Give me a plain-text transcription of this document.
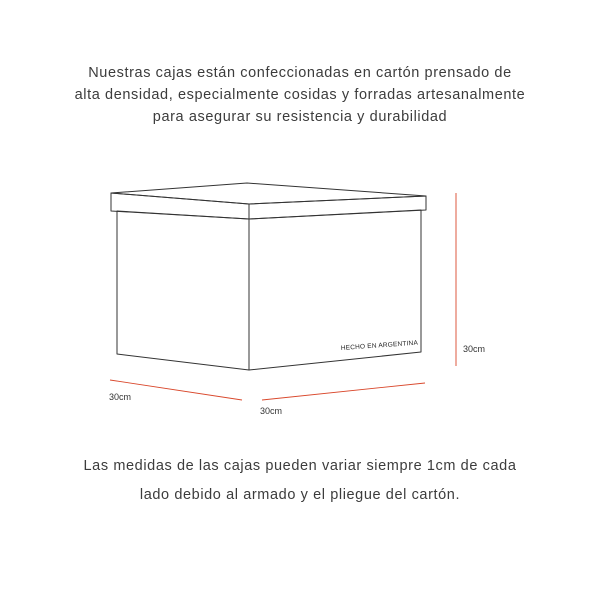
Nuestras cajas están confeccionadas en cartón prensado de
alta densidad, especialmente cosidas y forradas artesanalmente
para asegurar su resistencia y durabilidad
HECHO EN ARGENTINA	30cm
30cm
30cm
Las medidas de las cajas pueden variar siempre 1cm de cada
lado debido al armado y el pliegue del cartón.
